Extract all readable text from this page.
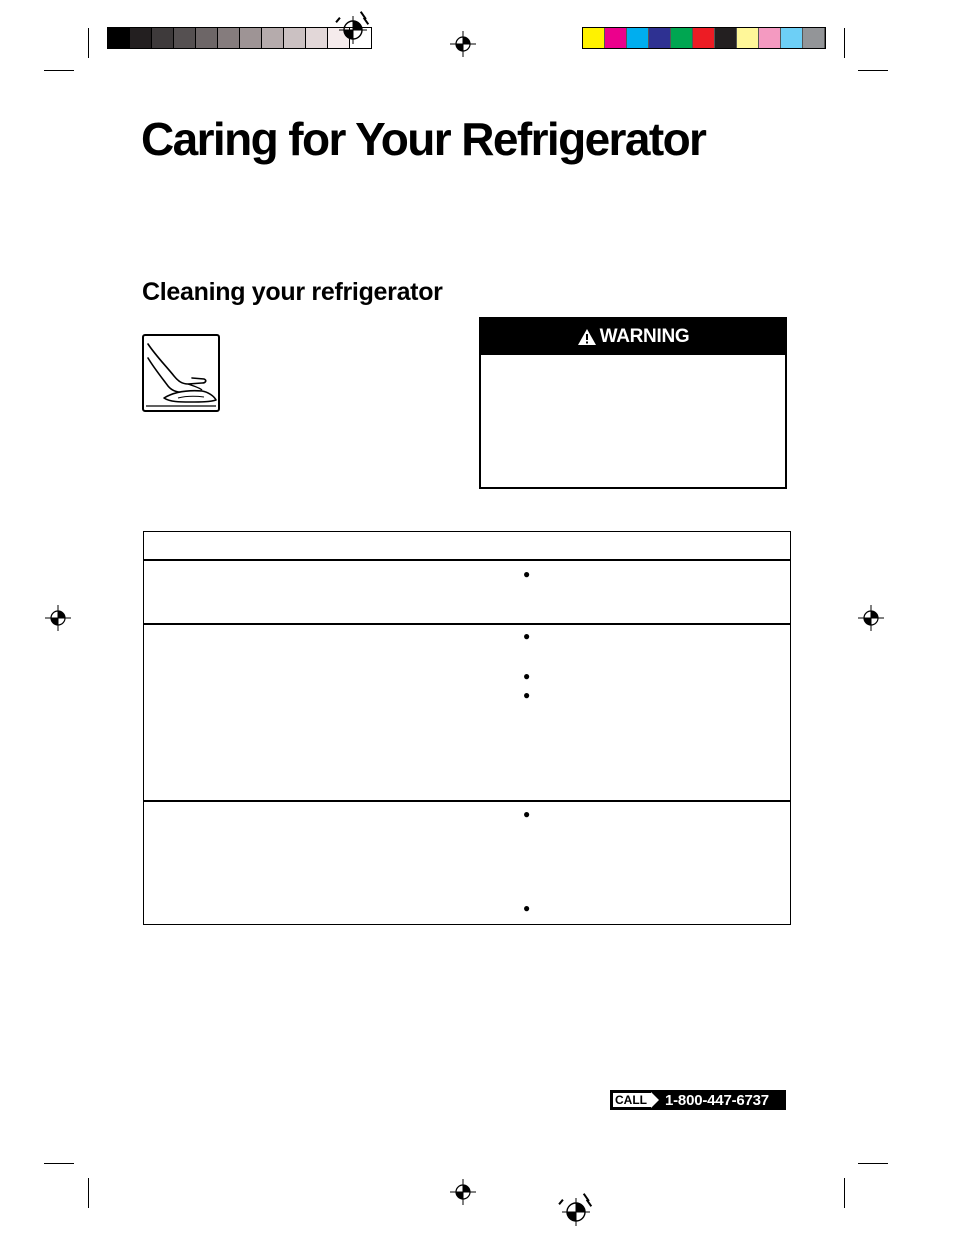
Caring for Your Refrigerator
Cleaning your refrigerator
WARNING
●
●
●
●
●
●
CALL 1-800-447-6737
